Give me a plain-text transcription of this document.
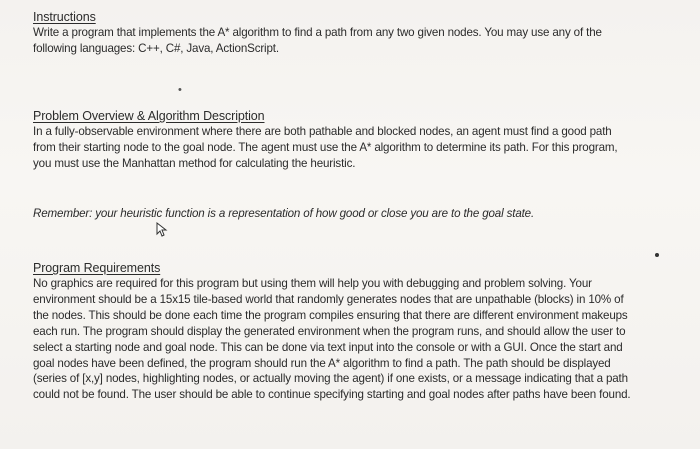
Instructions

Write a program that implements the A* algorithm to find a path from any two given nodes. You may use any of the
following languages: C++, C#, Java, ActionScript.

•
Problem Overview & Algorithm Description

In a fully-observable environment where there are both pathable and blocked nodes, an agent must find a good path
from their starting node to the goal node. The agent must use the A* algorithm to determine its path. For this program,
you must use the Manhattan method for calculating the heuristic.

Remember: your heuristic function is a representation of how good or close you are to the goal state.

Program Requirements

No graphics are required for this program but using them will help you with debugging and problem solving. Your
environment should be a 15x15 tile-based world that randomly generates nodes that are unpathable (blocks) in 10% of
the nodes. This should be done each time the program compiles ensuring that there are different environment makeups
each run. The program should display the generated environment when the program runs, and should allow the user to
select a starting node and goal node. This can be done via text input into the console or with a GUI. Once the start and
goal nodes have been defined, the program should run the A* algorithm to find a path. The path should be displayed
(series of [x,y] nodes, highlighting nodes, or actually moving the agent) if one exists, or a message indicating that a path
could not be found. The user should be able to continue specifying starting and goal nodes after paths have been found.
